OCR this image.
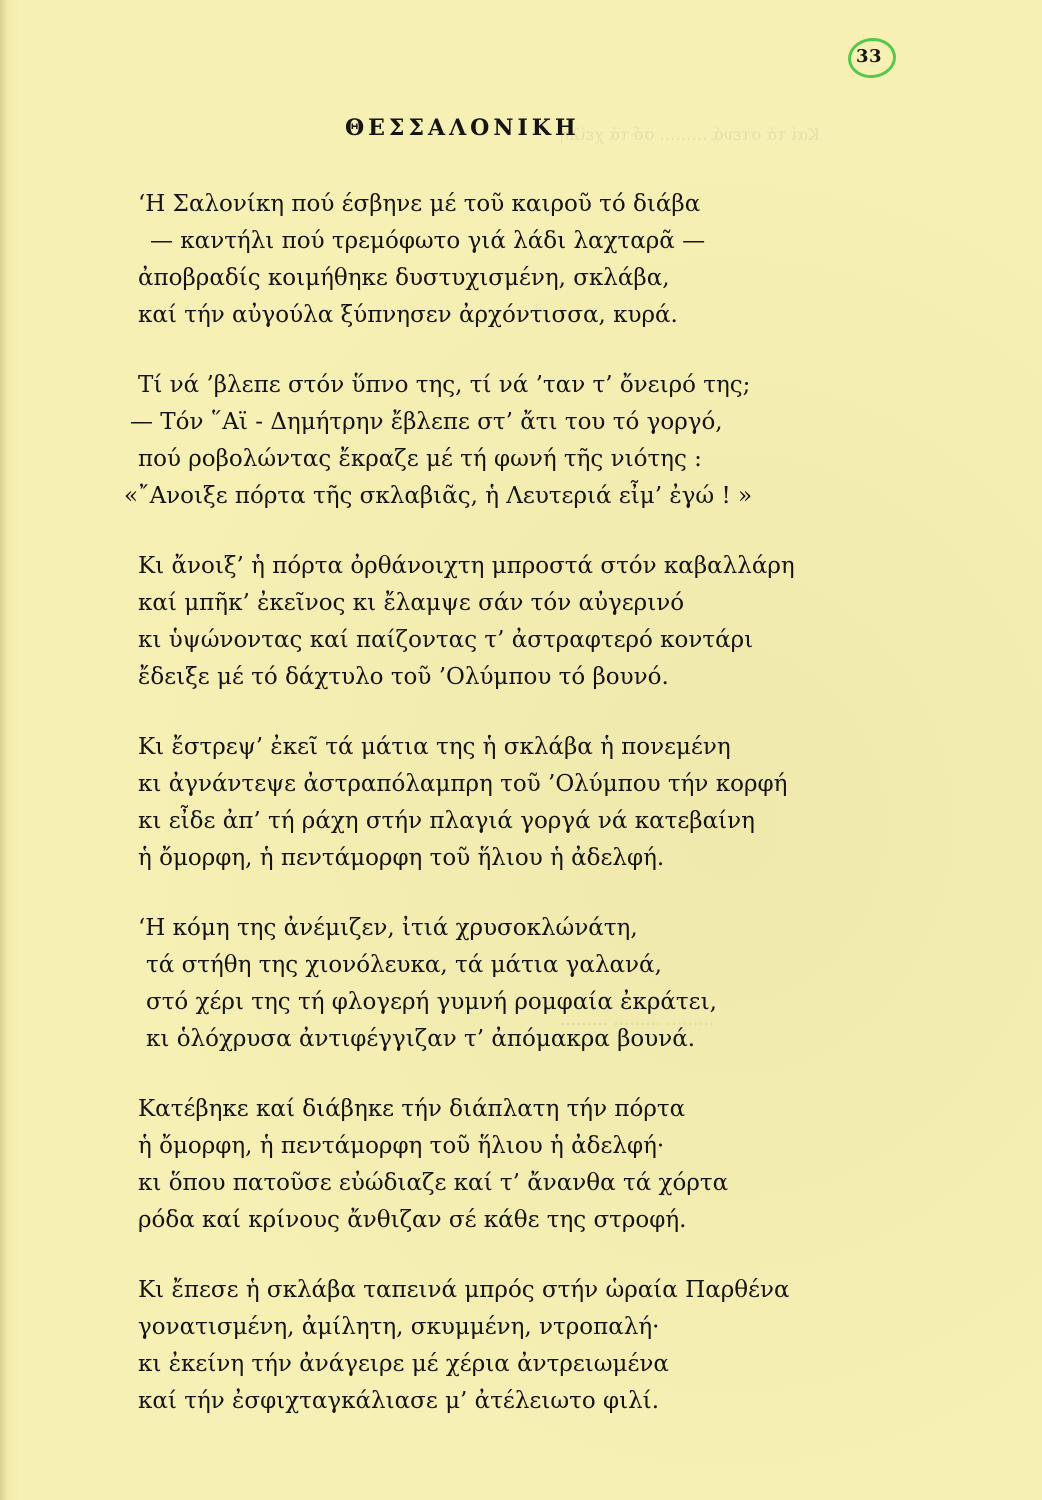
Καί τά στενά ……… σό τά χείλη
……… ……… ………
33
ΘΕΣΣΑΛΟΝΙΚΗ
‘Η Σαλονίκη πού έσβηνε μέ τοῦ καιροῦ τό διάβα
— καντήλι πού τρεμόφωτο γιά λάδι λαχταρᾶ —
ἀποβραδίς κοιμήθηκε δυστυχισμένη, σκλάβα,
καί τήν αὐγούλα ξύπνησεν ἀρχόντισσα, κυρά.
Τί νά ’βλεπε στόν ὕπνο της, τί νά ’ταν τ’ ὄνειρό της;
— Τόν ῞Αϊ - Δημήτρην ἔβλεπε στ’ ἄτι του τό γοργό,
πού ροβολώντας ἔκραζε μέ τή φωνή τῆς νιότης :
«῎Ανοιξε πόρτα τῆς σκλαβιᾶς, ἡ Λευτεριά εἶμ’ ἐγώ ! »
Κι ἄνοιξ’ ἡ πόρτα ὀρθάνοιχτη μπροστά στόν καβαλλάρη
καί μπῆκ’ ἐκεῖνος κι ἔλαμψε σάν τόν αὐγερινό
κι ὑψώνοντας καί παίζοντας τ’ ἀστραφτερό κοντάρι
ἔδειξε μέ τό δάχτυλο τοῦ ’Ολύμπου τό βουνό.
Κι ἔστρεψ’ ἐκεῖ τά μάτια της ἡ σκλάβα ἡ πονεμένη
κι ἀγνάντεψε ἀστραπόλαμπρη τοῦ ’Ολύμπου τήν κορφή
κι εἶδε ἀπ’ τή ράχη στήν πλαγιά γοργά νά κατεβαίνη
ἡ ὄμορφη, ἡ πεντάμορφη τοῦ ἥλιου ἡ ἀδελφή.
‘Η κόμη της ἀνέμιζεν, ἰτιά χρυσοκλώνάτη,
τά στήθη της χιονόλευκα, τά μάτια γαλανά,
στό χέρι της τή φλογερή γυμνή ρομφαία ἐκράτει,
κι ὁλόχρυσα ἀντιφέγγιζαν τ’ ἀπόμακρα βουνά.
Κατέβηκε καί διάβηκε τήν διάπλατη τήν πόρτα
ἡ ὄμορφη, ἡ πεντάμορφη τοῦ ἥλιου ἡ ἀδελφή·
κι ὅπου πατοῦσε εὐώδιαζε καί τ’ ἄνανθα τά χόρτα
ρόδα καί κρίνους ἄνθιζαν σέ κάθε της στροφή.
Κι ἔπεσε ἡ σκλάβα ταπεινά μπρός στήν ὡραία Παρθένα
γονατισμένη, ἀμίλητη, σκυμμένη, ντροπαλή·
κι ἐκείνη τήν ἀνάγειρε μέ χέρια ἀντρειωμένα
καί τήν ἐσφιχταγκάλιασε μ’ ἀτέλειωτο φιλί.
